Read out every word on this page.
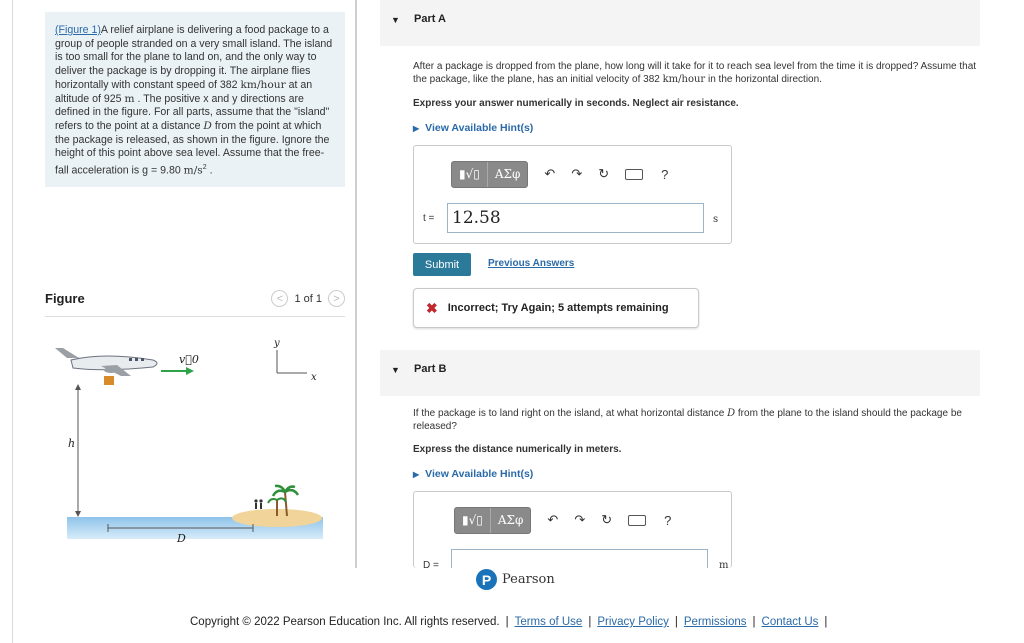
(Figure 1)A relief airplane is delivering a food package to a group of people stranded on a very small island. The island is too small for the plane to land on, and the only way to deliver the package is by dropping it. The airplane flies horizontally with constant speed of 382 km/hour at an altitude of 925 m . The positive x and y directions are defined in the figure. For all parts, assume that the "island" refers to the point at a distance D from the point at which the package is released, as shown in the figure. Ignore the height of this point above sea level. Assume that the free-fall acceleration is g = 9.80 $m/s^2$ .
Figure	< 1 of 1 >
v⃗0
h
D
y
x
▼ Part A
After a package is dropped from the plane, how long will it take for it to reach sea level from the time it is dropped? Assume that the package, like the plane, has an initial velocity of 382 km/hour in the horizontal direction.
Express your answer numerically in seconds. Neglect air resistance.
▶ View Available Hint(s)
▮√▯	ΑΣφ	↶ ↷ ↻	?
t = 12.58	s
Submit	Previous Answers
✖ Incorrect; Try Again; 5 attempts remaining
▼ Part B
If the package is to land right on the island, at what horizontal distance D from the plane to the island should the package be released?
Express the distance numerically in meters.
▶ View Available Hint(s)
▮√▯	ΑΣφ	↶ ↷ ↻	?
D =	m
P Pearson
Copyright © 2022 Pearson Education Inc. All rights reserved. | Terms of Use | Privacy Policy | Permissions | Contact Us |
